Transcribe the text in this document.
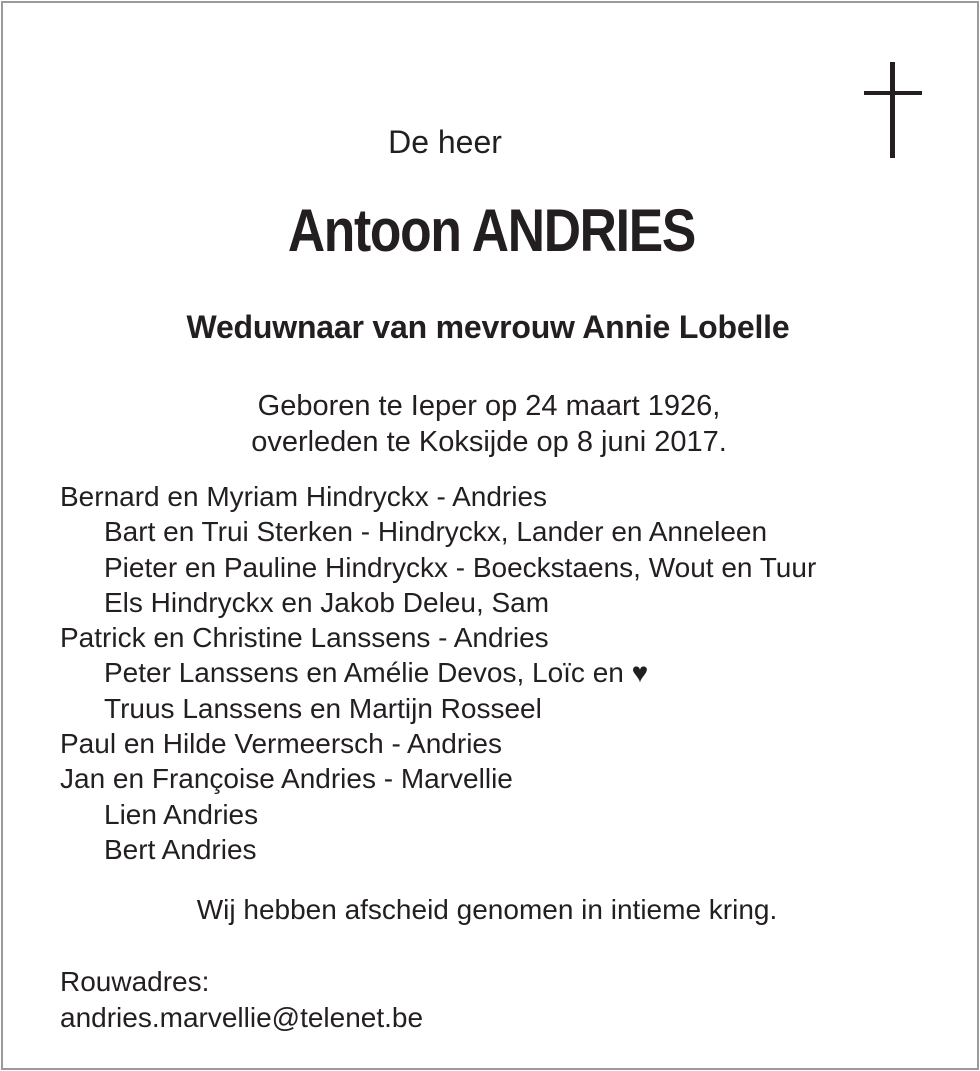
De heer
Antoon ANDRIES
Weduwnaar van mevrouw Annie Lobelle
Geboren te Ieper op 24 maart 1926,
overleden te Koksijde op 8 juni 2017.
Bernard en Myriam Hindryckx - Andries
Bart en Trui Sterken - Hindryckx, Lander en Anneleen
Pieter en Pauline Hindryckx - Boeckstaens, Wout en Tuur
Els Hindryckx en Jakob Deleu, Sam
Patrick en Christine Lanssens - Andries
Peter Lanssens en Amélie Devos, Loïc en ♥
Truus Lanssens en Martijn Rosseel
Paul en Hilde Vermeersch - Andries
Jan en Françoise Andries - Marvellie
Lien Andries
Bert Andries
Wij hebben afscheid genomen in intieme kring.
Rouwadres:
andries.marvellie@telenet.be
